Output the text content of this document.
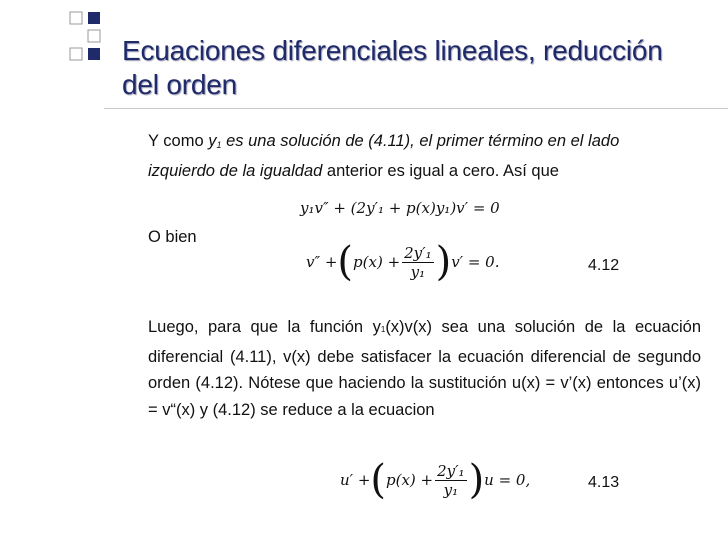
Ecuaciones diferenciales lineales, reducción
del orden
Y como $y_1$ es una solución de (4.11), el primer término en el lado
izquierdo de la igualdad anterior es igual a cero. Así que
y₁v″ + (2y′₁ + p(x)y₁)v′ = 0
O bien
v″ + ( $p(x) + \frac{\text{2y′₁}}{\text{y₁}}$ ) v′ = 0.	4.12
Luego, para que la función y1(x)v(x) sea una solución de la ecuación diferencial (4.11), v(x) debe satisfacer la ecuación diferencial de segundo orden (4.12). Nótese que haciendo la sustitución u(x) = v’(x) entonces u’(x) = v“(x) y (4.12) se reduce a la ecuacion
u′ + ( $p(x) + \frac{\text{2y′₁}}{\text{y₁}}$ ) u = 0,	4.13
